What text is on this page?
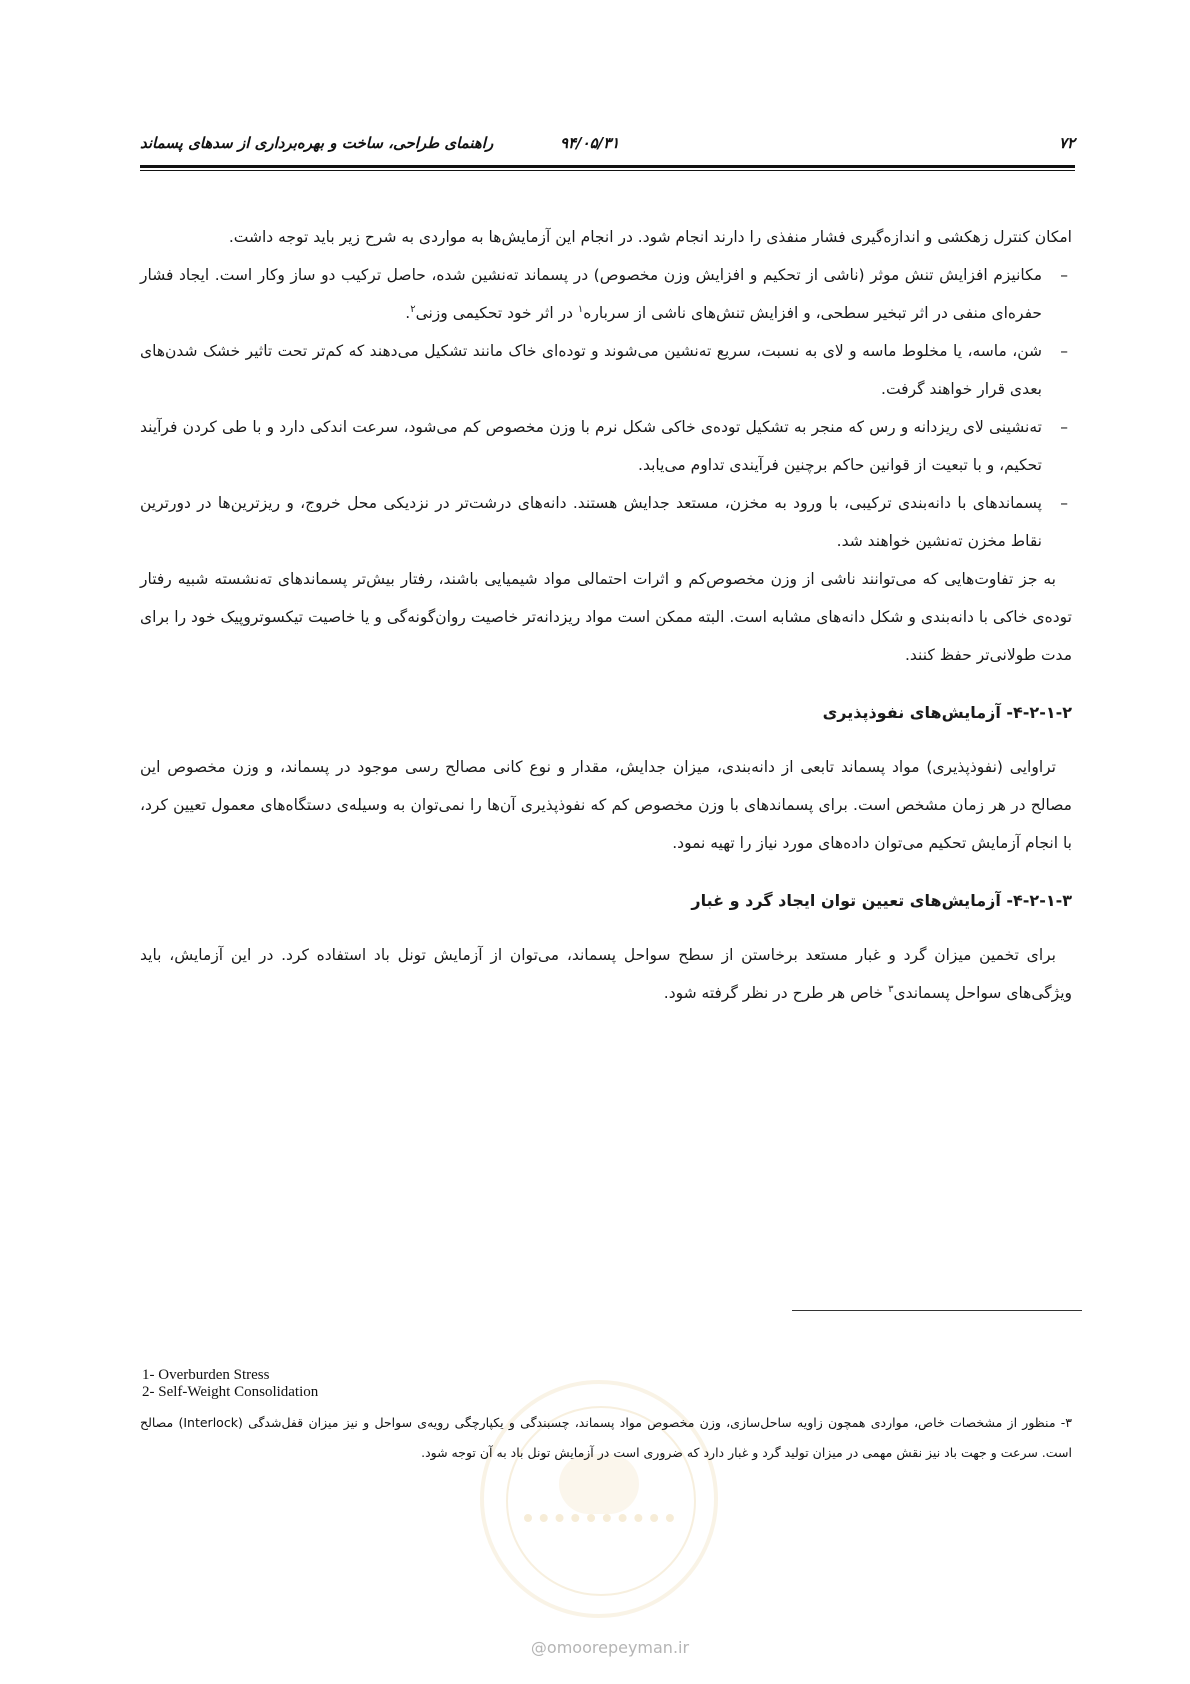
۷۲
۹۴/۰۵/۳۱
راهنمای طراحی، ساخت و بهره‌برداری از سدهای پسماند

امکان کنترل زهکشی و اندازه‌گیری فشار منفذی را دارند انجام شود. در انجام این آزمایش‌ها به مواردی به شرح زیر باید توجه داشت.

–
مکانیزم افزایش تنش موثر (ناشی از تحکیم و افزایش وزن مخصوص) در پسماند ته‌نشین شده، حاصل ترکیب دو ساز وکار است. ایجاد فشار حفره‌ای منفی در اثر تبخیر سطحی، و افزایش تنش‌های ناشی از سرباره$^۱$ در اثر خود تحکیمی وزنی$^۲$.
–
شن، ماسه، یا مخلوط ماسه و لای به نسبت، سریع ته‌نشین می‌شوند و توده‌ای خاک مانند تشکیل می‌دهند که کم‌تر تحت تاثیر خشک شدن‌های بعدی قرار خواهند گرفت.
–
ته‌نشینی لای ریزدانه و رس که منجر به تشکیل توده‌ی خاکی شکل نرم با وزن مخصوص کم می‌شود، سرعت اندکی دارد و با طی کردن فرآیند تحکیم، و با تبعیت از قوانین حاکم برچنین فرآیندی تداوم می‌یابد.
–
پسماندهای با دانه‌بندی ترکیبی، با ورود به مخزن، مستعد جدایش هستند. دانه‌های درشت‌تر در نزدیکی محل خروج، و ریزترین‌ها در دورترین نقاط مخزن ته‌نشین خواهند شد.

به جز تفاوت‌هایی که می‌توانند ناشی از وزن مخصوص‌کم و اثرات احتمالی مواد شیمیایی باشند، رفتار بیش‌تر پسماندهای ته‌نشسته شبیه رفتار توده‌ی خاکی با دانه‌بندی و شکل دانه‌های مشابه است. البته ممکن است مواد ریزدانه‌تر خاصیت روان‌گونه‌گی و یا خاصیت تیکسوتروپیک خود را برای مدت طولانی‌تر حفظ کنند.

۴-۲-۱-۲- آزمایش‌های نفوذپذیری

تراوایی (نفوذپذیری) مواد پسماند تابعی از دانه‌بندی، میزان جدایش، مقدار و نوع کانی مصالح رسی موجود در پسماند، و وزن مخصوص این مصالح در هر زمان مشخص است. برای پسماندهای با وزن مخصوص کم که نفوذپذیری آن‌ها را نمی‌توان به وسیله‌ی دستگاه‌های معمول تعیین کرد، با انجام آزمایش تحکیم می‌توان داده‌های مورد نیاز را تهیه نمود.

۴-۲-۱-۳- آزمایش‌های تعیین توان ایجاد گرد و غبار

برای تخمین میزان گرد و غبار مستعد برخاستن از سطح سواحل پسماند، می‌توان از آزمایش تونل باد استفاده کرد. در این آزمایش، باید ویژگی‌های سواحل پسماندی$^۳$ خاص هر طرح در نظر گرفته شود.

1- Overburden Stress
2- Self-Weight Consolidation
۳- منظور از مشخصات خاص، مواردی همچون زاویه ساحل‌سازی، وزن مخصوص مواد پسماند، چسبندگی و یکپارچگی رویه‌ی سواحل و نیز میزان قفل‌شدگی (Interlock) مصالح است. سرعت و جهت باد نیز نقش مهمی در میزان تولید گرد و غبار دارد که ضروری است در آزمایش تونل باد به آن توجه شود.
@omoorepeyman.ir
